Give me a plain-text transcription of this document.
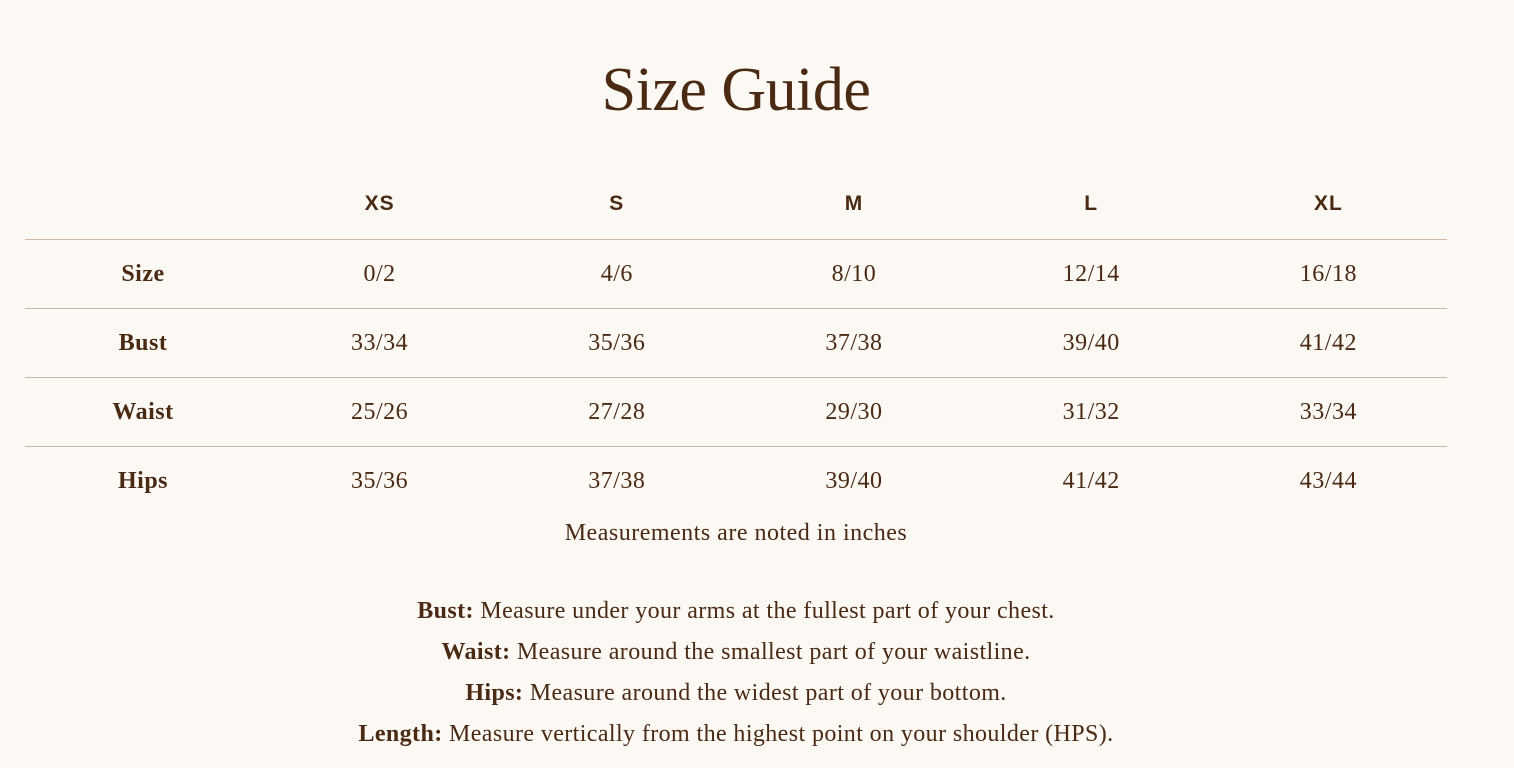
Size Guide
	XS	S	M	L	XL
Size	0/2	4/6	8/10	12/14	16/18
Bust	33/34	35/36	37/38	39/40	41/42
Waist	25/26	27/28	29/30	31/32	33/34
Hips	35/36	37/38	39/40	41/42	43/44

Measurements are noted in inches

Bust: Measure under your arms at the fullest part of your chest.

Waist: Measure around the smallest part of your waistline.

Hips: Measure around the widest part of your bottom.

Length: Measure vertically from the highest point on your shoulder (HPS).
